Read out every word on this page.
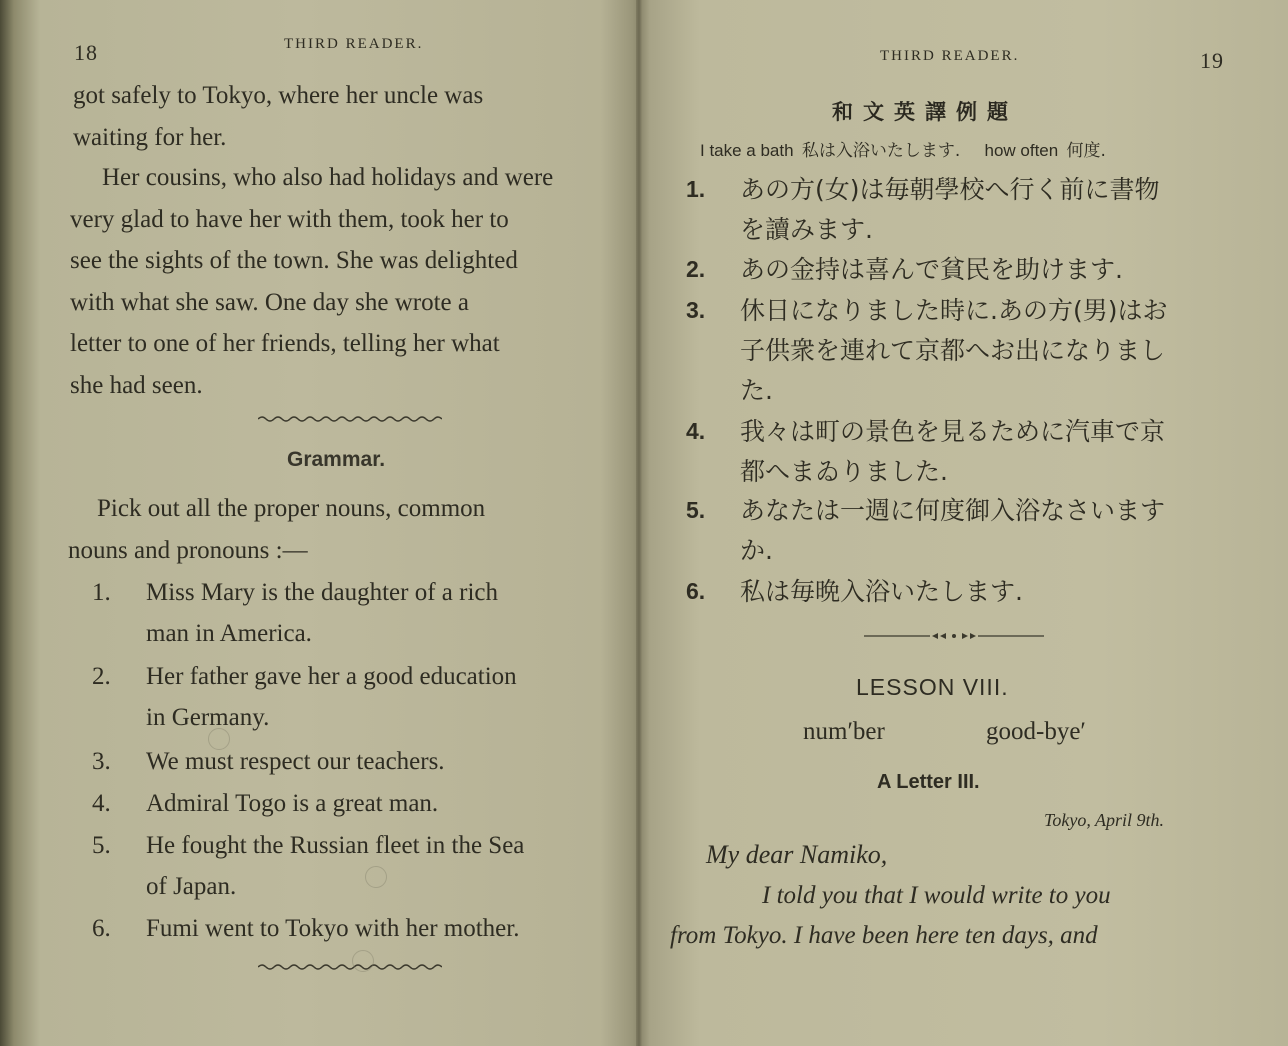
18	THIRD READER.

got safely to Tokyo, where her uncle was
waiting for her.

Her cousins, who also had holidays and were
very glad to have her with them, took her to
see the sights of the town. She was delighted
with what she saw. One day she wrote a
letter to one of her friends, telling her what
she had seen.

Grammar.

Pick out all the proper nouns, common
nouns and pronouns :—

1.	Miss Mary is the daughter of a rich
man in America.
2.	Her father gave her a good education
in Germany.
3.	We must respect our teachers.
4.	Admiral Togo is a great man.
5.	He fought the Russian fleet in the Sea
of Japan.
6.	Fumi went to Tokyo with her mother.
THIRD READER.	19
和文英譯例題
I take a bath 私は入浴いたします. how often 何度.
1. あの方(女)は毎朝學校へ行く前に書物
を讀みます.
2. あの金持は喜んで貧民を助けます.
3. 休日になりました時に.あの方(男)はお
子供衆を連れて京都へお出になりまし
た.
4. 我々は町の景色を見るために汽車で京
都へまゐりました.
5. あなたは一週に何度御入浴なさいます
か.
6. 私は毎晩入浴いたします.
LESSON VIII.
num′ber	good-bye′
A Letter III.
Tokyo, April 9th.
My dear Namiko,
I told you that I would write to you
from Tokyo. I have been here ten days, and
